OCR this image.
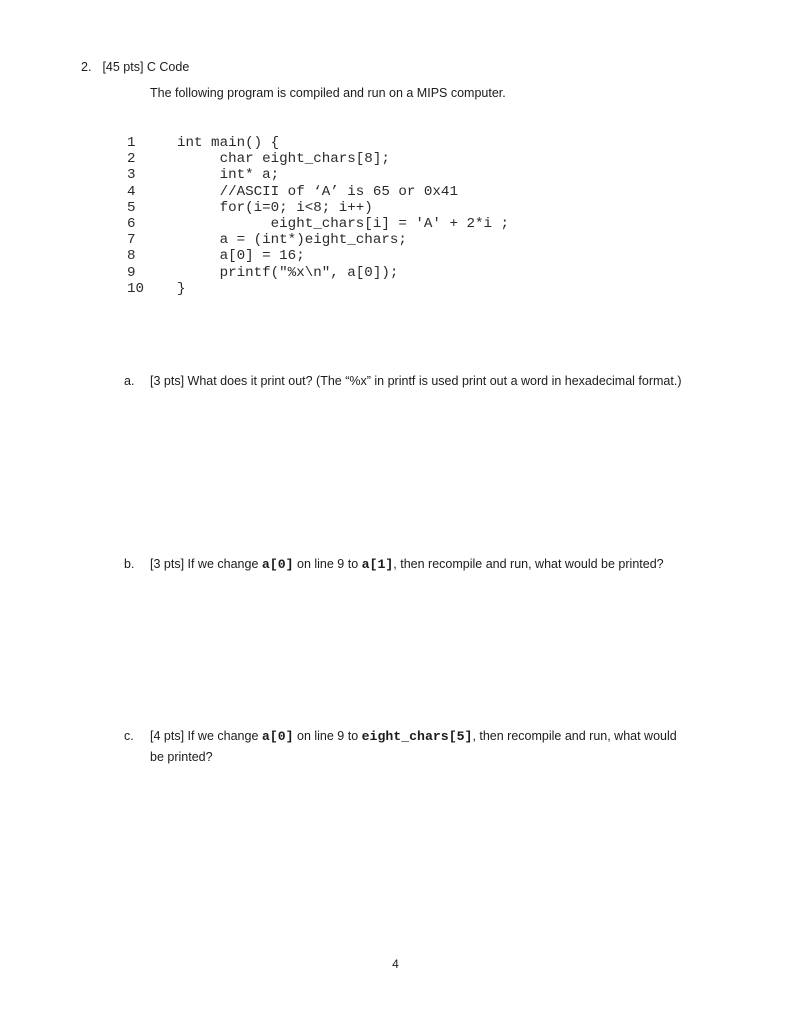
2. [45 pts] C Code

The following program is compiled and run on a MIPS computer.

1	int main() {
2	char eight_chars[8];
3	int* a;
4	//ASCII of ‘A’ is 65 or 0x41
5	for(i=0; i<8; i++)
6	eight_chars[i] = 'A' + 2*i ;
7	a = (int*)eight_chars;
8	a[0] = 16;
9	printf("%x\n", a[0]);
10 }
a.	[3 pts] What does it print out? (The “%x” in printf is used print out a word in hexadecimal format.)
b.	[3 pts] If we change a[0] on line 9 to a[1], then recompile and run, what would be printed?
c.	[4 pts] If we change a[0] on line 9 to eight_chars[5], then recompile and run, what would
be printed?
4
